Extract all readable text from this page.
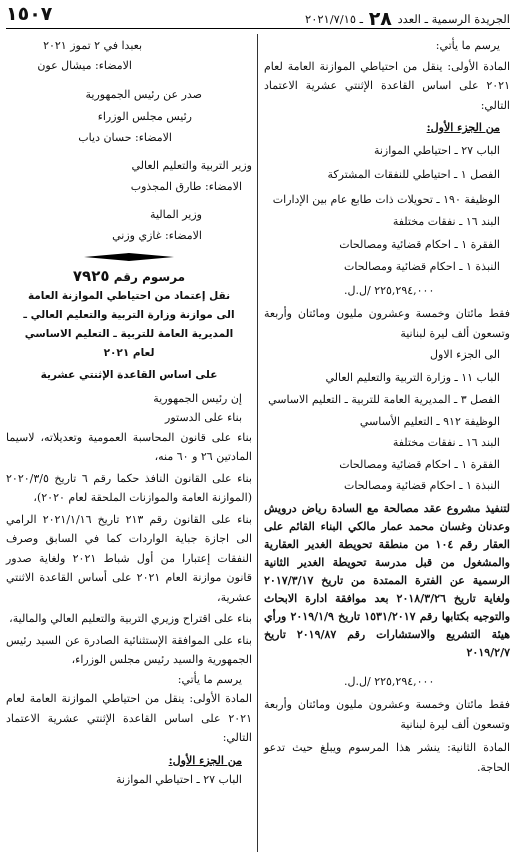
الجريدة الرسمية ـ العدد ٢٨ ـ ٢٠٢١/٧/١٥
١٥٠٧

يرسم ما يأتي:

المادة الأولى: ينقل من احتياطي الموازنة العامة لعام ٢٠٢١ على اساس القاعدة الإثنتي عشرية الاعتماد التالي:

من الجزء الأول:

الباب ٢٧ ـ احتياطي الموازنة

الفصل ١ ـ احتياطي للنفقات المشتركة

الوظيفة ١٩٠ ـ تحويلات ذات طابع عام بين الإدارات

البند ١٦ ـ نفقات مختلفة

الفقرة ١ ـ احكام قضائية ومصالحات

النبذة ١ ـ احكام قضائية ومصالحات

٢٢٥,٢٩٤,٠٠٠ /ل.ل.

فقط مائتان وخمسة وعشرون مليون ومائتان وأربعة وتسعون ألف ليرة لبنانية

الى الجزء الاول

الباب ١١ ـ وزارة التربية والتعليم العالي

الفصل ٣ ـ المديرية العامة للتربية ـ التعليم الاساسي

الوظيفة ٩١٢ ـ التعليم الأساسي

البند ١٦ ـ نفقات مختلفة

الفقرة ١ ـ احكام قضائية ومصالحات

النبذة ١ ـ احكام قضائية ومصالحات

لتنفيذ مشروع عقد مصالحة مع السادة رياض درويش وعدنان وغسان محمد عمار مالكي البناء القائم على العقار رقم ١٠٤ من منطقة تحويطة الغدير العقارية والمشغول من قبل مدرسة تحويطة الغدير الثانية الرسمية عن الفترة الممتدة من تاريخ ٢٠١٧/٣/١٧ ولغاية تاريخ ٢٠١٨/٣/٢٦ بعد موافقة ادارة الابحاث والتوجيه بكتابها رقم ١٥٣١/٢٠١٧ تاريخ ٢٠١٩/١/٩ ورأي هيئة التشريع والاستشارات رقم ٢٠١٩/٨٧ تاريخ ٢٠١٩/٢/٧

٢٢٥,٢٩٤,٠٠٠ /ل.ل.

فقط مائتان وخمسة وعشرون مليون ومائتان وأربعة وتسعون ألف ليرة لبنانية

المادة الثانية: ينشر هذا المرسوم ويبلغ حيث تدعو الحاجة.

بعبدا في ٢ تموز ٢٠٢١

الامضاء: ميشال عون

صدر عن رئيس الجمهورية

رئيس مجلس الوزراء

الامضاء: حسان دياب

وزير التربية والتعليم العالي

الامضاء: طارق المجذوب

وزير المالية

الامضاء: غازي وزني

مرسوم رقم ٧٩٢٥

نقل إعتماد من احتياطي الموازنة العامة

الى موازنة وزارة التربية والتعليم العالي ـ

المديرية العامة للتربية ـ التعليم الاساسي

لعام ٢٠٢١

على اساس القاعدة الإثنتي عشرية

إن رئيس الجمهورية

بناء على الدستور

بناء على قانون المحاسبة العمومية وتعديلاته، لاسيما المادتين ٢٦ و ٦٠ منه،

بناء على القانون النافذ حكما رقم ٦ تاريخ ٢٠٢٠/٣/٥ (الموازنة العامة والموازنات الملحقة لعام ٢٠٢٠)،

بناء على القانون رقم ٢١٣ تاريخ ٢٠٢١/١/١٦ الرامي الى اجازة جباية الواردات كما في السابق وصرف النفقات إعتبارا من أول شباط ٢٠٢١ ولغاية صدور قانون موازنة العام ٢٠٢١ على أساس القاعدة الاثنتي عشرية،

بناء على اقتراح وزيري التربية والتعليم العالي والمالية،

بناء على الموافقة الإستثنائية الصادرة عن السيد رئيس الجمهورية والسيد رئيس مجلس الوزراء،

يرسم ما يأتي:

المادة الأولى: ينقل من احتياطي الموازنة العامة لعام ٢٠٢١ على اساس القاعدة الإثنتي عشرية الاعتماد التالي:

من الجزء الأول:

الباب ٢٧ ـ احتياطي الموازنة
